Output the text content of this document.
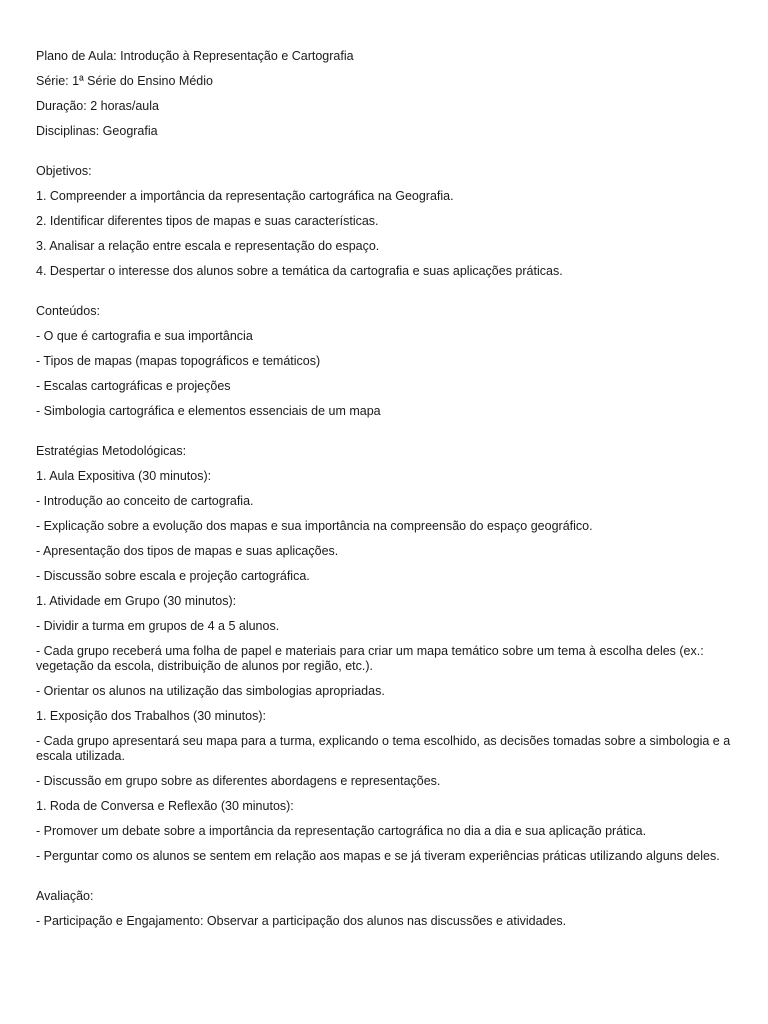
Plano de Aula: Introdução à Representação e Cartografia
Série: 1ª Série do Ensino Médio
Duração: 2 horas/aula
Disciplinas: Geografia
Objetivos:
1. Compreender a importância da representação cartográfica na Geografia.
2. Identificar diferentes tipos de mapas e suas características.
3. Analisar a relação entre escala e representação do espaço.
4. Despertar o interesse dos alunos sobre a temática da cartografia e suas aplicações práticas.
Conteúdos:
- O que é cartografia e sua importância
- Tipos de mapas (mapas topográficos e temáticos)
- Escalas cartográficas e projeções
- Simbologia cartográfica e elementos essenciais de um mapa
Estratégias Metodológicas:
1. Aula Expositiva (30 minutos):
- Introdução ao conceito de cartografia.
- Explicação sobre a evolução dos mapas e sua importância na compreensão do espaço geográfico.
- Apresentação dos tipos de mapas e suas aplicações.
- Discussão sobre escala e projeção cartográfica.
1. Atividade em Grupo (30 minutos):
- Dividir a turma em grupos de 4 a 5 alunos.
- Cada grupo receberá uma folha de papel e materiais para criar um mapa temático sobre um tema à escolha deles (ex.: vegetação da escola, distribuição de alunos por região, etc.).
- Orientar os alunos na utilização das simbologias apropriadas.
1. Exposição dos Trabalhos (30 minutos):
- Cada grupo apresentará seu mapa para a turma, explicando o tema escolhido, as decisões tomadas sobre a simbologia e a escala utilizada.
- Discussão em grupo sobre as diferentes abordagens e representações.
1. Roda de Conversa e Reflexão (30 minutos):
- Promover um debate sobre a importância da representação cartográfica no dia a dia e sua aplicação prática.
- Perguntar como os alunos se sentem em relação aos mapas e se já tiveram experiências práticas utilizando alguns deles.
Avaliação:
- Participação e Engajamento: Observar a participação dos alunos nas discussões e atividades.
